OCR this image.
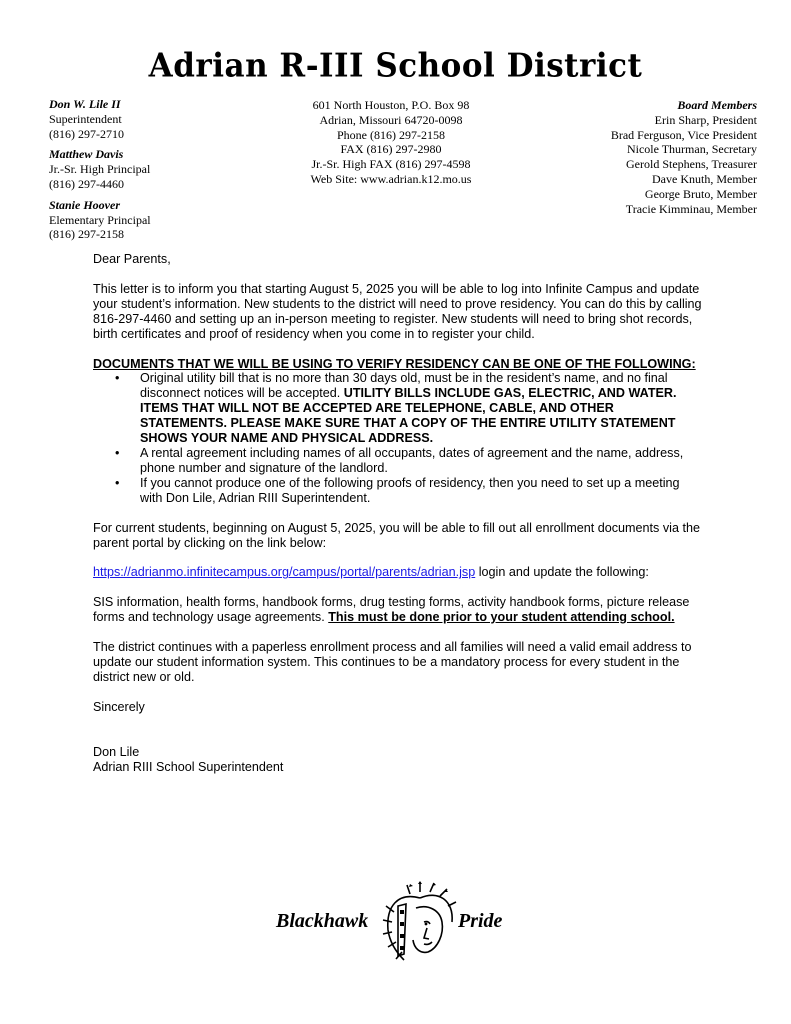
Adrian R-III School District
Don W. Lile II
Superintendent
(816) 297-2710
Matthew Davis
Jr.-Sr. High Principal
(816) 297-4460
Stanie Hoover
Elementary Principal
(816) 297-2158
601 North Houston, P.O. Box 98
Adrian, Missouri 64720-0098
Phone (816) 297-2158
FAX (816) 297-2980
Jr.-Sr. High FAX (816) 297-4598
Web Site: www.adrian.k12.mo.us
Board Members
Erin Sharp, President
Brad Ferguson, Vice President
Nicole Thurman, Secretary
Gerold Stephens, Treasurer
Dave Knuth, Member
George Bruto, Member
Tracie Kimminau, Member

Dear Parents,

This letter is to inform you that starting August 5, 2025 you will be able to log into Infinite Campus and update your student’s information. New students to the district will need to prove residency. You can do this by calling 816-297-4460 and setting up an in-person meeting to register. New students will need to bring shot records, birth certificates and proof of residency when you come in to register your child.

DOCUMENTS THAT WE WILL BE USING TO VERIFY RESIDENCY CAN BE ONE OF THE FOLLOWING:
• Original utility bill that is no more than 30 days old, must be in the resident’s name, and no final disconnect notices will be accepted. UTILITY BILLS INCLUDE GAS, ELECTRIC, AND WATER. ITEMS THAT WILL NOT BE ACCEPTED ARE TELEPHONE, CABLE, AND OTHER STATEMENTS. PLEASE MAKE SURE THAT A COPY OF THE ENTIRE UTILITY STATEMENT SHOWS YOUR NAME AND PHYSICAL ADDRESS.
• A rental agreement including names of all occupants, dates of agreement and the name, address, phone number and signature of the landlord.
• If you cannot produce one of the following proofs of residency, then you need to set up a meeting with Don Lile, Adrian RIII Superintendent.

For current students, beginning on August 5, 2025, you will be able to fill out all enrollment documents via the parent portal by clicking on the link below:

https://adrianmo.infinitecampus.org/campus/portal/parents/adrian.jsp login and update the following:

SIS information, health forms, handbook forms, drug testing forms, activity handbook forms, picture release forms and technology usage agreements. This must be done prior to your student attending school.

The district continues with a paperless enrollment process and all families will need a valid email address to update our student information system. This continues to be a mandatory process for every student in the district new or old.

Sincerely

Don Lile
Adrian RIII School Superintendent
Blackhawk	Pride
